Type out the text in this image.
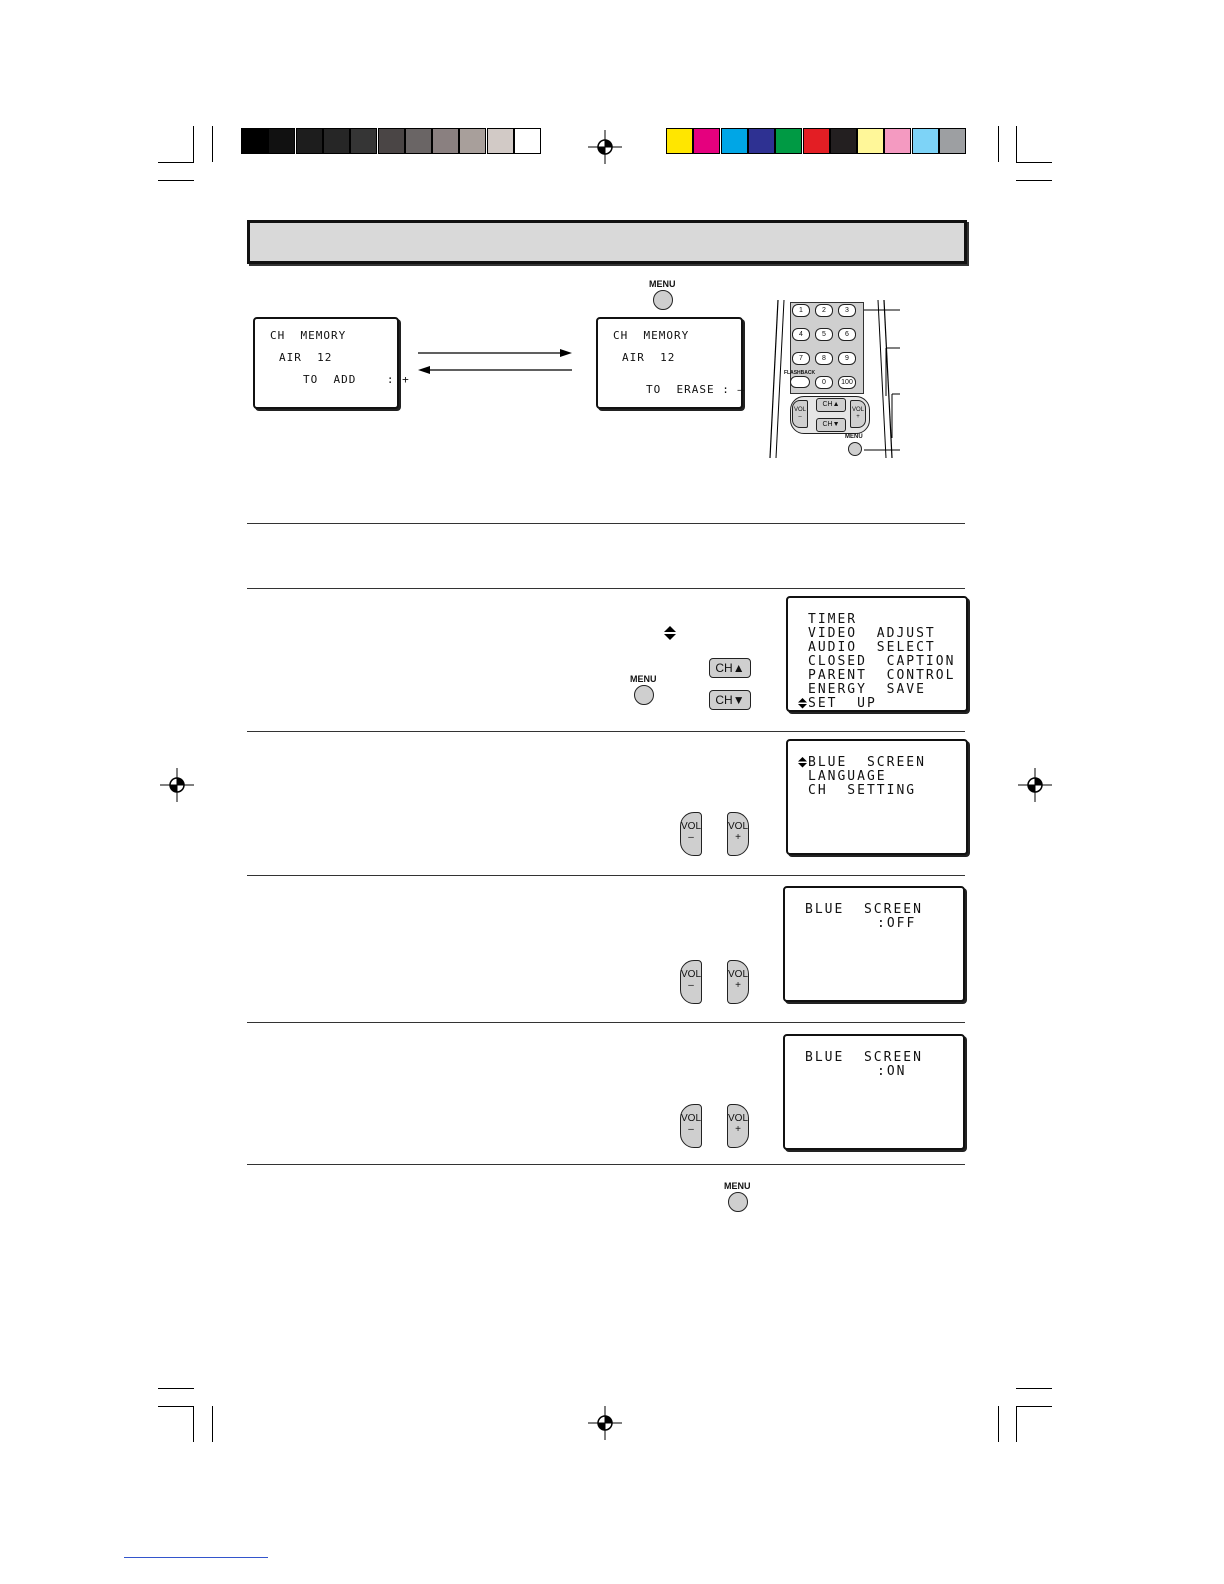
MENU
CH  MEMORY
AIR  12
TO  ADD    : +
CH  MEMORY
AIR  12
TO  ERASE : –
1	2	3
4	5	6
7	8	9
0	100
FLASHBACK
VOL
–
VOL
+
CH▲
CH▼
MENU
MENU
CH▲
CH▼
TIMER
VIDEO  ADJUST
AUDIO  SELECT
CLOSED  CAPTION
PARENT  CONTROL
ENERGY  SAVE
SET  UP
BLUE  SCREEN
LANGUAGE
CH  SETTING
VOL
–
VOL
+
BLUE  SCREEN
:OFF
VOL
–
VOL
+
BLUE  SCREEN
:ON
VOL
–
VOL
+
MENU
